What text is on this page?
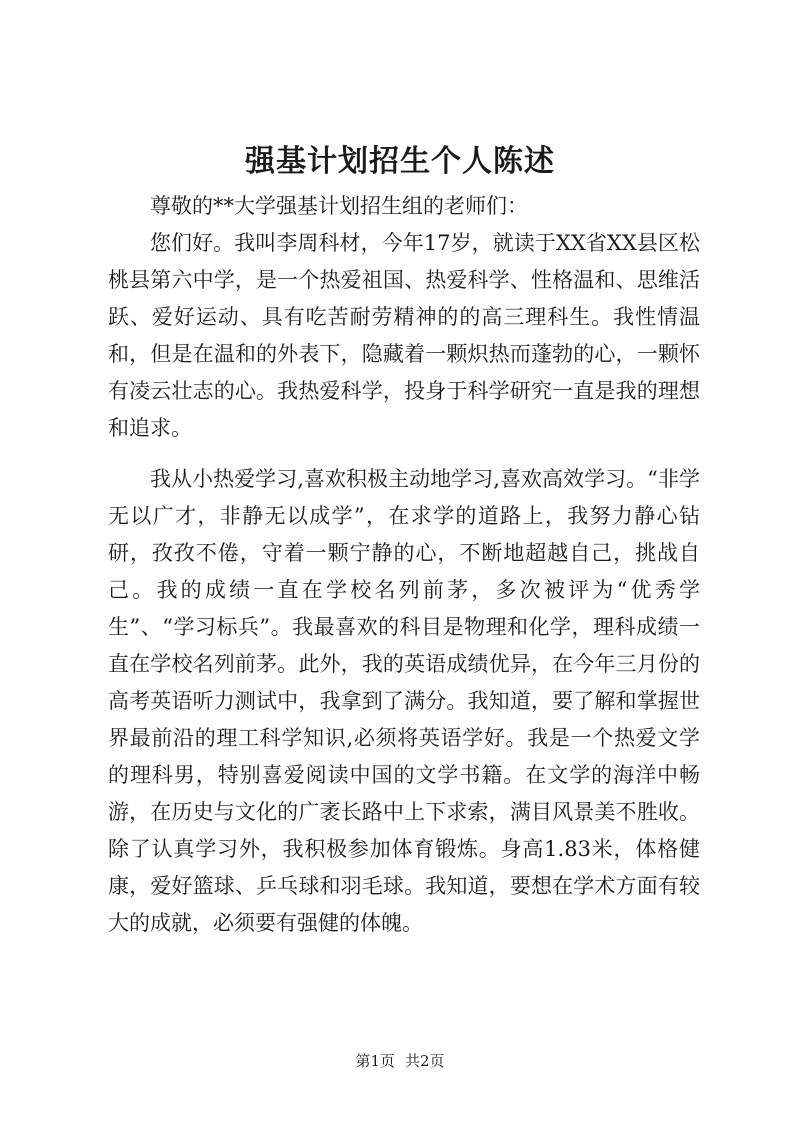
强基计划招生个人陈述

尊敬的**大学强基计划招生组的老师们：

您们好。我叫李周科材，今年17岁，就读于XX省XX县区松桃县第六中学，是一个热爱祖国、热爱科学、性格温和、思维活跃、爱好运动、具有吃苦耐劳精神的的高三理科生。我性情温和，但是在温和的外表下，隐藏着一颗炽热而蓬勃的心，一颗怀有凌云壮志的心。我热爱科学，投身于科学研究一直是我的理想和追求。

我从小热爱学习,喜欢积极主动地学习,喜欢高效学习。“非学无以广才，非静无以成学”，在求学的道路上，我努力静心钻研，孜孜不倦，守着一颗宁静的心，不断地超越自己，挑战自己。我的成绩一直在学校名列前茅，多次被评为“优秀学生”、“学习标兵”。我最喜欢的科目是物理和化学，理科成绩一直在学校名列前茅。此外，我的英语成绩优异，在今年三月份的高考英语听力测试中，我拿到了满分。我知道，要了解和掌握世界最前沿的理工科学知识,必须将英语学好。我是一个热爱文学的理科男，特别喜爱阅读中国的文学书籍。在文学的海洋中畅游，在历史与文化的广袤长路中上下求索，满目风景美不胜收。除了认真学习外，我积极参加体育锻炼。身高1.83米，体格健康，爱好篮球、乒乓球和羽毛球。我知道，要想在学术方面有较大的成就，必须要有强健的体魄。

第1页 共2页
